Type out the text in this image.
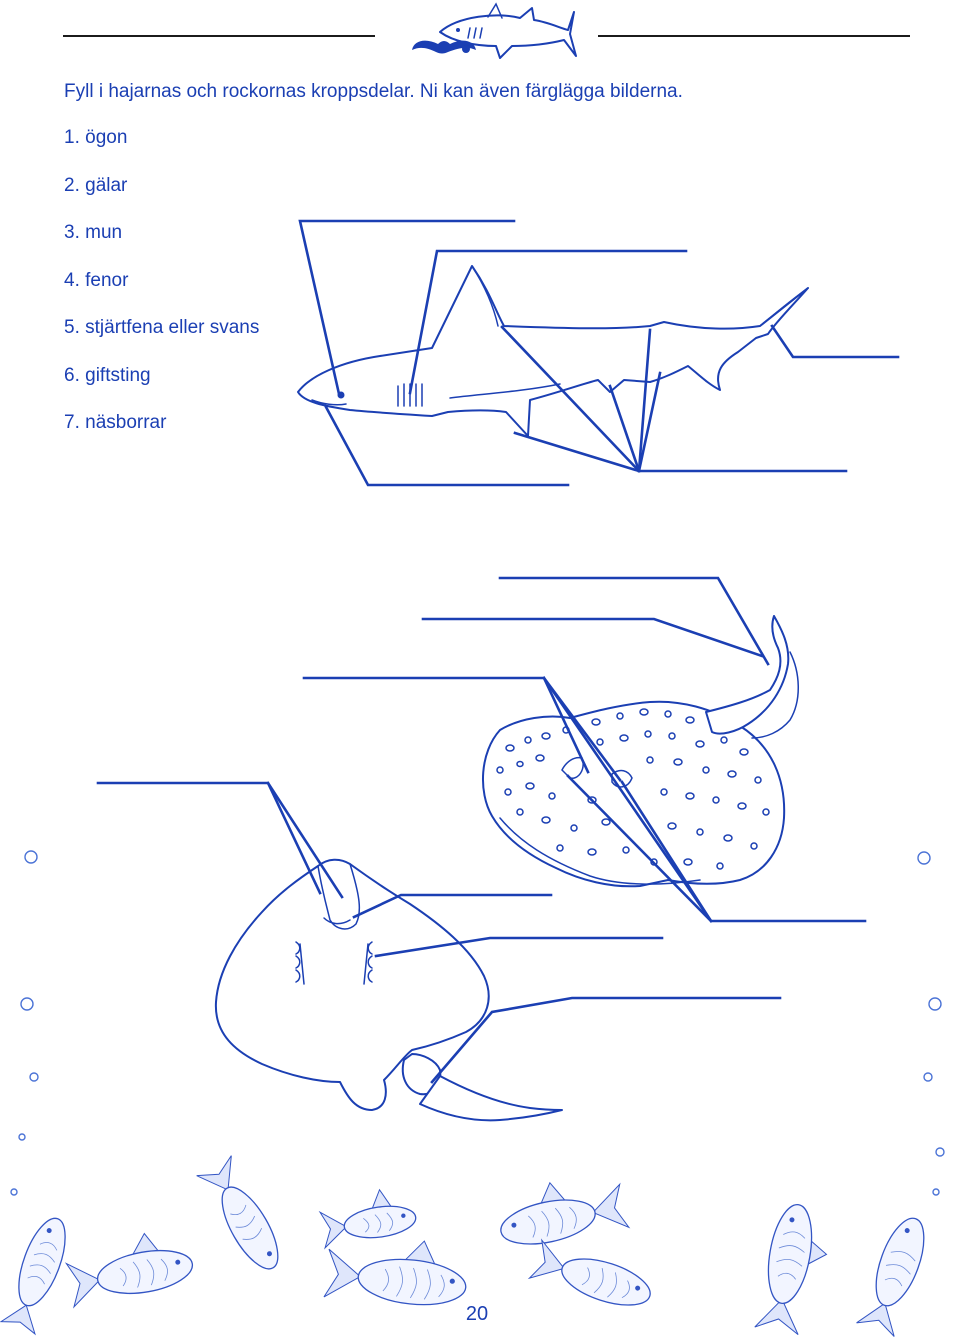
Fyll i hajarnas och rockornas kroppsdelar. Ni kan även färglägga bilderna.
1. ögon
2. gälar
3. mun
4. fenor
5. stjärtfena eller svans
6. giftsting
7. näsborrar
20
